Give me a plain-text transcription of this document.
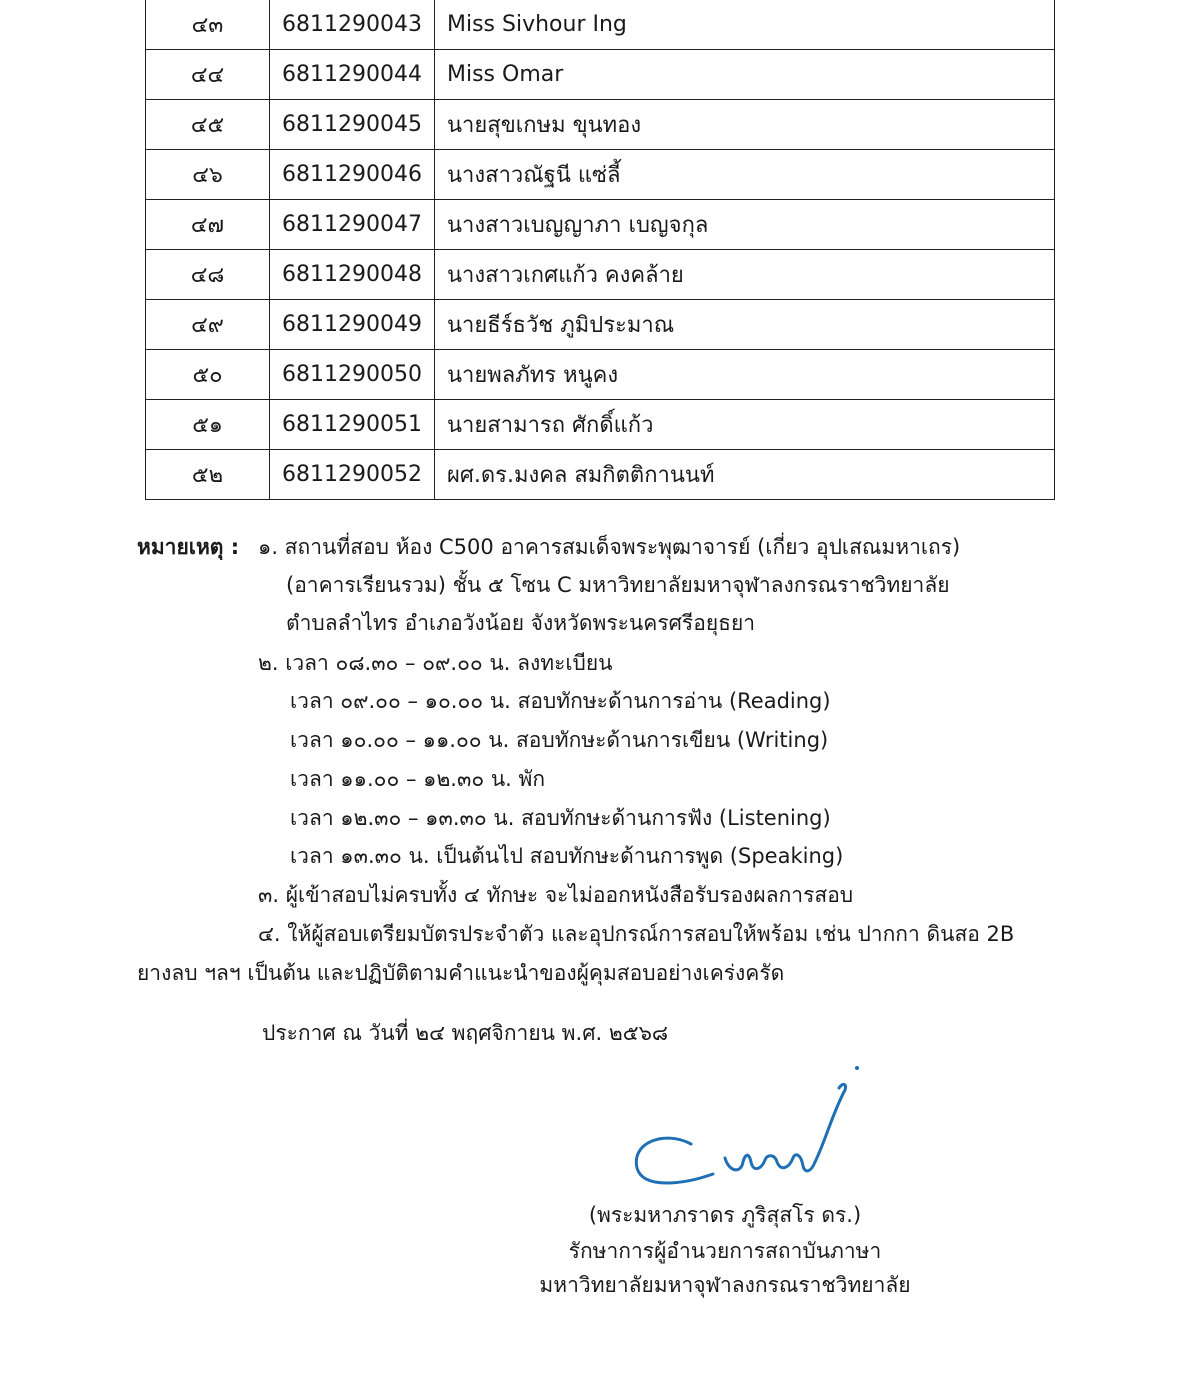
๔๓	6811290043	Miss Sivhour Ing
๔๔	6811290044	Miss Omar
๔๕	6811290045	นายสุขเกษม ขุนทอง
๔๖	6811290046	นางสาวณัฐนี แซ่ลี้
๔๗	6811290047	นางสาวเบญญาภา เบญจกุล
๔๘	6811290048	นางสาวเกศแก้ว คงคล้าย
๔๙	6811290049	นายธีร์ธวัช ภูมิประมาณ
๕๐	6811290050	นายพลภัทร หนูคง
๕๑	6811290051	นายสามารถ ศักดิ์แก้ว
๕๒	6811290052	ผศ.ดร.มงคล สมกิตติกานนท์
หมายเหตุ : ๑. สถานที่สอบ ห้อง C500 อาคารสมเด็จพระพุฒาจารย์ (เกี่ยว อุปเสณมหาเถร)
(อาคารเรียนรวม) ชั้น ๕ โซน C มหาวิทยาลัยมหาจุฬาลงกรณราชวิทยาลัย
ตำบลลำไทร อำเภอวังน้อย จังหวัดพระนครศรีอยุธยา
๒. เวลา ๐๘.๓๐ – ๐๙.๐๐ น. ลงทะเบียน
เวลา ๐๙.๐๐ – ๑๐.๐๐ น. สอบทักษะด้านการอ่าน (Reading)
เวลา ๑๐.๐๐ – ๑๑.๐๐ น. สอบทักษะด้านการเขียน (Writing)
เวลา ๑๑.๐๐ – ๑๒.๓๐ น. พัก
เวลา ๑๒.๓๐ – ๑๓.๓๐ น. สอบทักษะด้านการฟัง (Listening)
เวลา ๑๓.๓๐ น. เป็นต้นไป สอบทักษะด้านการพูด (Speaking)
๓. ผู้เข้าสอบไม่ครบทั้ง ๔ ทักษะ จะไม่ออกหนังสือรับรองผลการสอบ
๔. ให้ผู้สอบเตรียมบัตรประจำตัว และอุปกรณ์การสอบให้พร้อม เช่น ปากกา ดินสอ 2B
ยางลบ ฯลฯ เป็นต้น และปฏิบัติตามคำแนะนำของผู้คุมสอบอย่างเคร่งครัด
ประกาศ ณ วันที่ ๒๔ พฤศจิกายน พ.ศ. ๒๕๖๘
(พระมหาภราดร ภูริสุสโร ดร.)
รักษาการผู้อำนวยการสถาบันภาษา
มหาวิทยาลัยมหาจุฬาลงกรณราชวิทยาลัย
